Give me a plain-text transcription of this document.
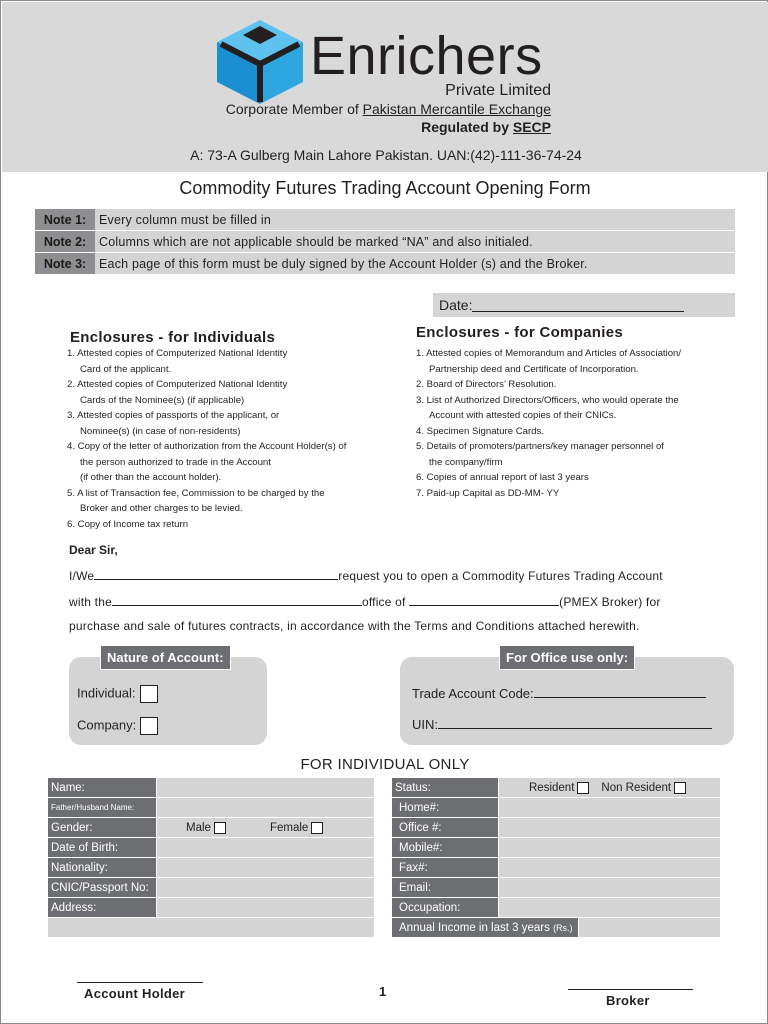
Enrichers
Private Limited
Corporate Member of Pakistan Mercantile Exchange
Regulated by SECP
A: 73-A Gulberg Main Lahore Pakistan. UAN:(42)-111-36-74-24
Commodity Futures Trading Account Opening Form
Note 1:	Every column must be filled in
Note 2:	Columns which are not applicable should be marked “NA” and also initialed.
Note 3:	Each page of this form must be duly signed by the Account Holder (s) and the Broker.
Date:
Enclosures - for Individuals
1. Attested copies of Computerized National Identity
Card of the applicant.
2. Attested copies of Computerized National Identity
Cards of the Nominee(s) (if applicable)
3. Attested copies of passports of the applicant, or
Nominee(s) (in case of non-residents)
4. Copy of the letter of authorization from the Account Holder(s) of
the person authorized to trade in the Account
(if other than the account holder).
5. A list of Transaction fee, Commission to be charged by the
Broker and other charges to be levied.
6. Copy of Income tax return
Enclosures - for Companies
1. Attested copies of Memorandum and Articles of Association/
Partnership deed and Certificate of Incorporation.
2. Board of Directors’ Resolution.
3. List of Authorized Directors/Officers, who would operate the
Account with attested copies of their CNICs.
4. Specimen Signature Cards.
5. Details of promoters/partners/key manager personnel of
the company/firm
6. Copies of annual report of last 3 years
7. Paid-up Capital as DD-MM- YY
Dear Sir,
I/We	request you to open a Commodity Futures Trading Account
with the	office of	(PMEX Broker) for
purchase and sale of futures contracts, in accordance with the Terms and Conditions attached herewith.
Nature of Account:
Individual:
Company:
For Office use only:
Trade Account Code:
UIN:
FOR INDIVIDUAL ONLY
Name:
Father/Husband Name:
Gender:	Male	Female
Date of Birth:
Nationality:
CNIC/Passport No:
Address:
Status:	Resident Non Resident
Home#:
Office #:
Mobile#:
Fax#:
Email:
Occupation:
Annual Income in last 3 years
(Rs.)
Account Holder	1
Broker
